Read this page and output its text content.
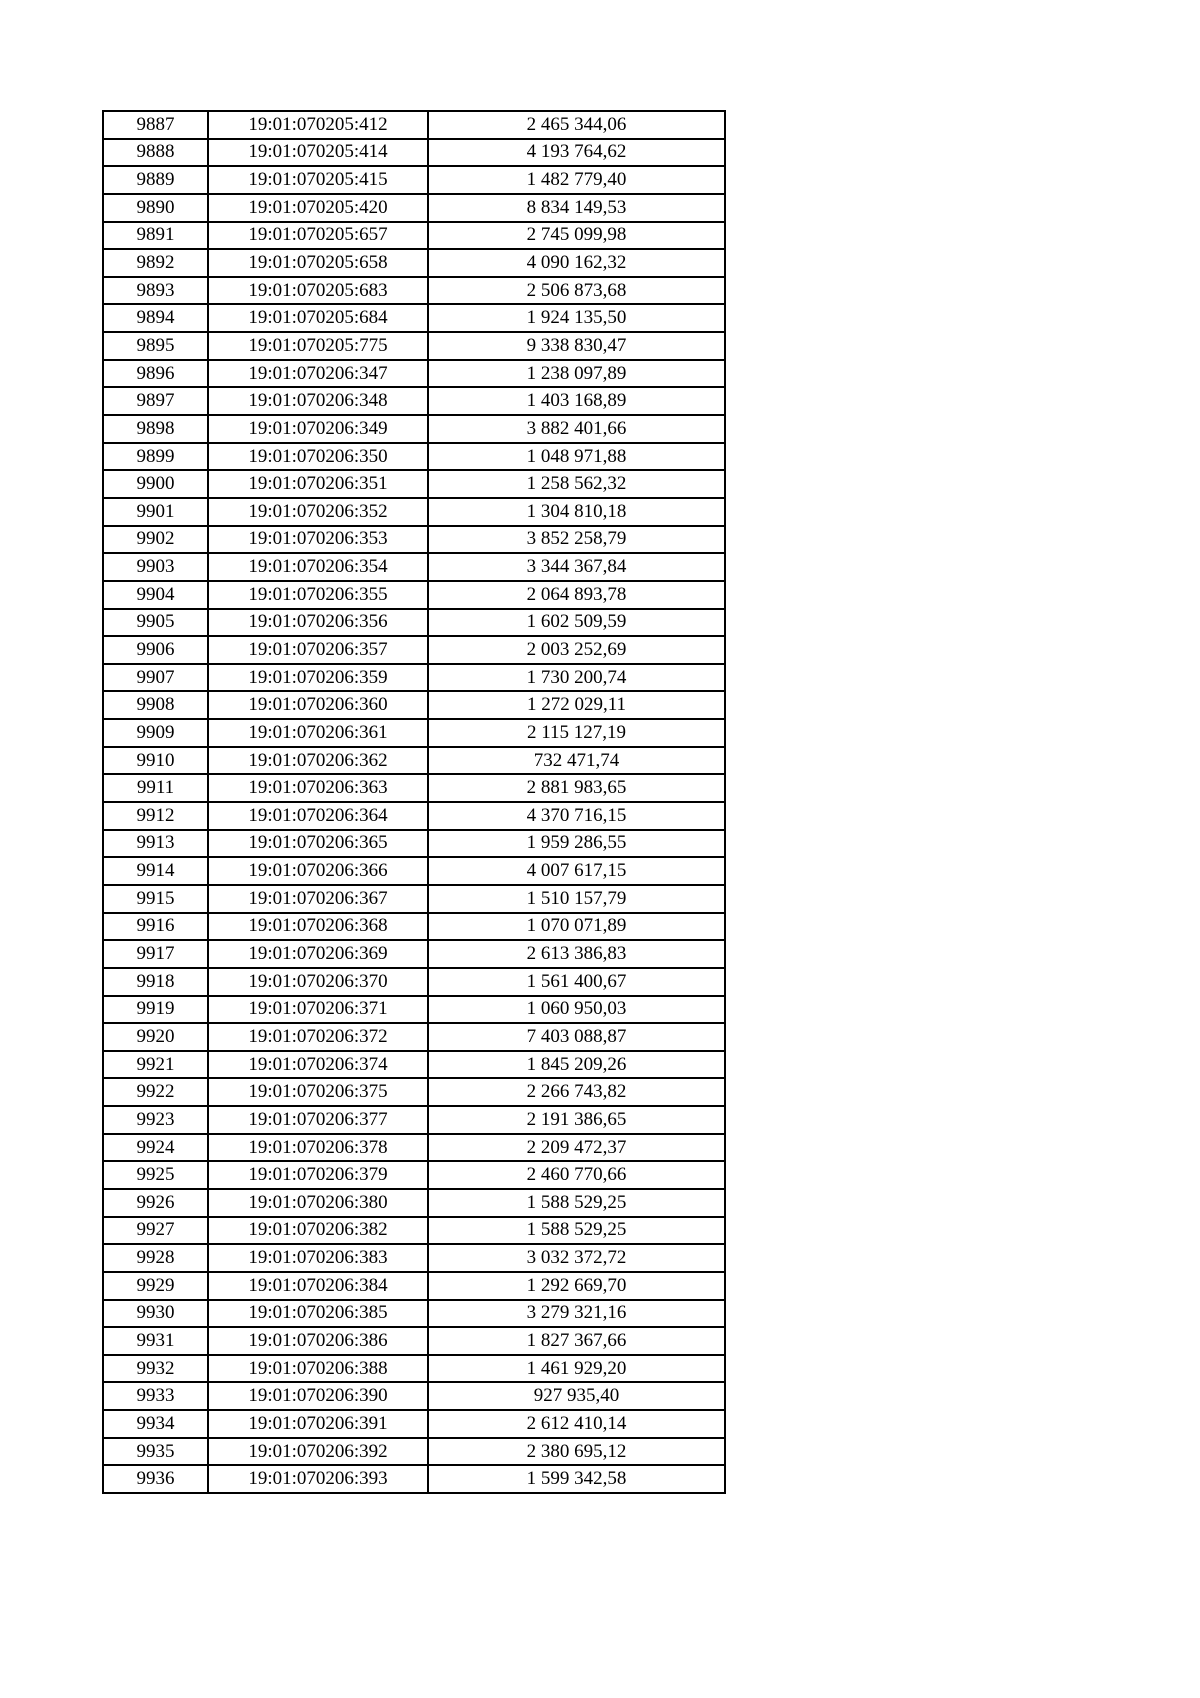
9887	19:01:070205:412	2 465 344,06
9888	19:01:070205:414	4 193 764,62
9889	19:01:070205:415	1 482 779,40
9890	19:01:070205:420	8 834 149,53
9891	19:01:070205:657	2 745 099,98
9892	19:01:070205:658	4 090 162,32
9893	19:01:070205:683	2 506 873,68
9894	19:01:070205:684	1 924 135,50
9895	19:01:070205:775	9 338 830,47
9896	19:01:070206:347	1 238 097,89
9897	19:01:070206:348	1 403 168,89
9898	19:01:070206:349	3 882 401,66
9899	19:01:070206:350	1 048 971,88
9900	19:01:070206:351	1 258 562,32
9901	19:01:070206:352	1 304 810,18
9902	19:01:070206:353	3 852 258,79
9903	19:01:070206:354	3 344 367,84
9904	19:01:070206:355	2 064 893,78
9905	19:01:070206:356	1 602 509,59
9906	19:01:070206:357	2 003 252,69
9907	19:01:070206:359	1 730 200,74
9908	19:01:070206:360	1 272 029,11
9909	19:01:070206:361	2 115 127,19
9910	19:01:070206:362	732 471,74
9911	19:01:070206:363	2 881 983,65
9912	19:01:070206:364	4 370 716,15
9913	19:01:070206:365	1 959 286,55
9914	19:01:070206:366	4 007 617,15
9915	19:01:070206:367	1 510 157,79
9916	19:01:070206:368	1 070 071,89
9917	19:01:070206:369	2 613 386,83
9918	19:01:070206:370	1 561 400,67
9919	19:01:070206:371	1 060 950,03
9920	19:01:070206:372	7 403 088,87
9921	19:01:070206:374	1 845 209,26
9922	19:01:070206:375	2 266 743,82
9923	19:01:070206:377	2 191 386,65
9924	19:01:070206:378	2 209 472,37
9925	19:01:070206:379	2 460 770,66
9926	19:01:070206:380	1 588 529,25
9927	19:01:070206:382	1 588 529,25
9928	19:01:070206:383	3 032 372,72
9929	19:01:070206:384	1 292 669,70
9930	19:01:070206:385	3 279 321,16
9931	19:01:070206:386	1 827 367,66
9932	19:01:070206:388	1 461 929,20
9933	19:01:070206:390	927 935,40
9934	19:01:070206:391	2 612 410,14
9935	19:01:070206:392	2 380 695,12
9936	19:01:070206:393	1 599 342,58
